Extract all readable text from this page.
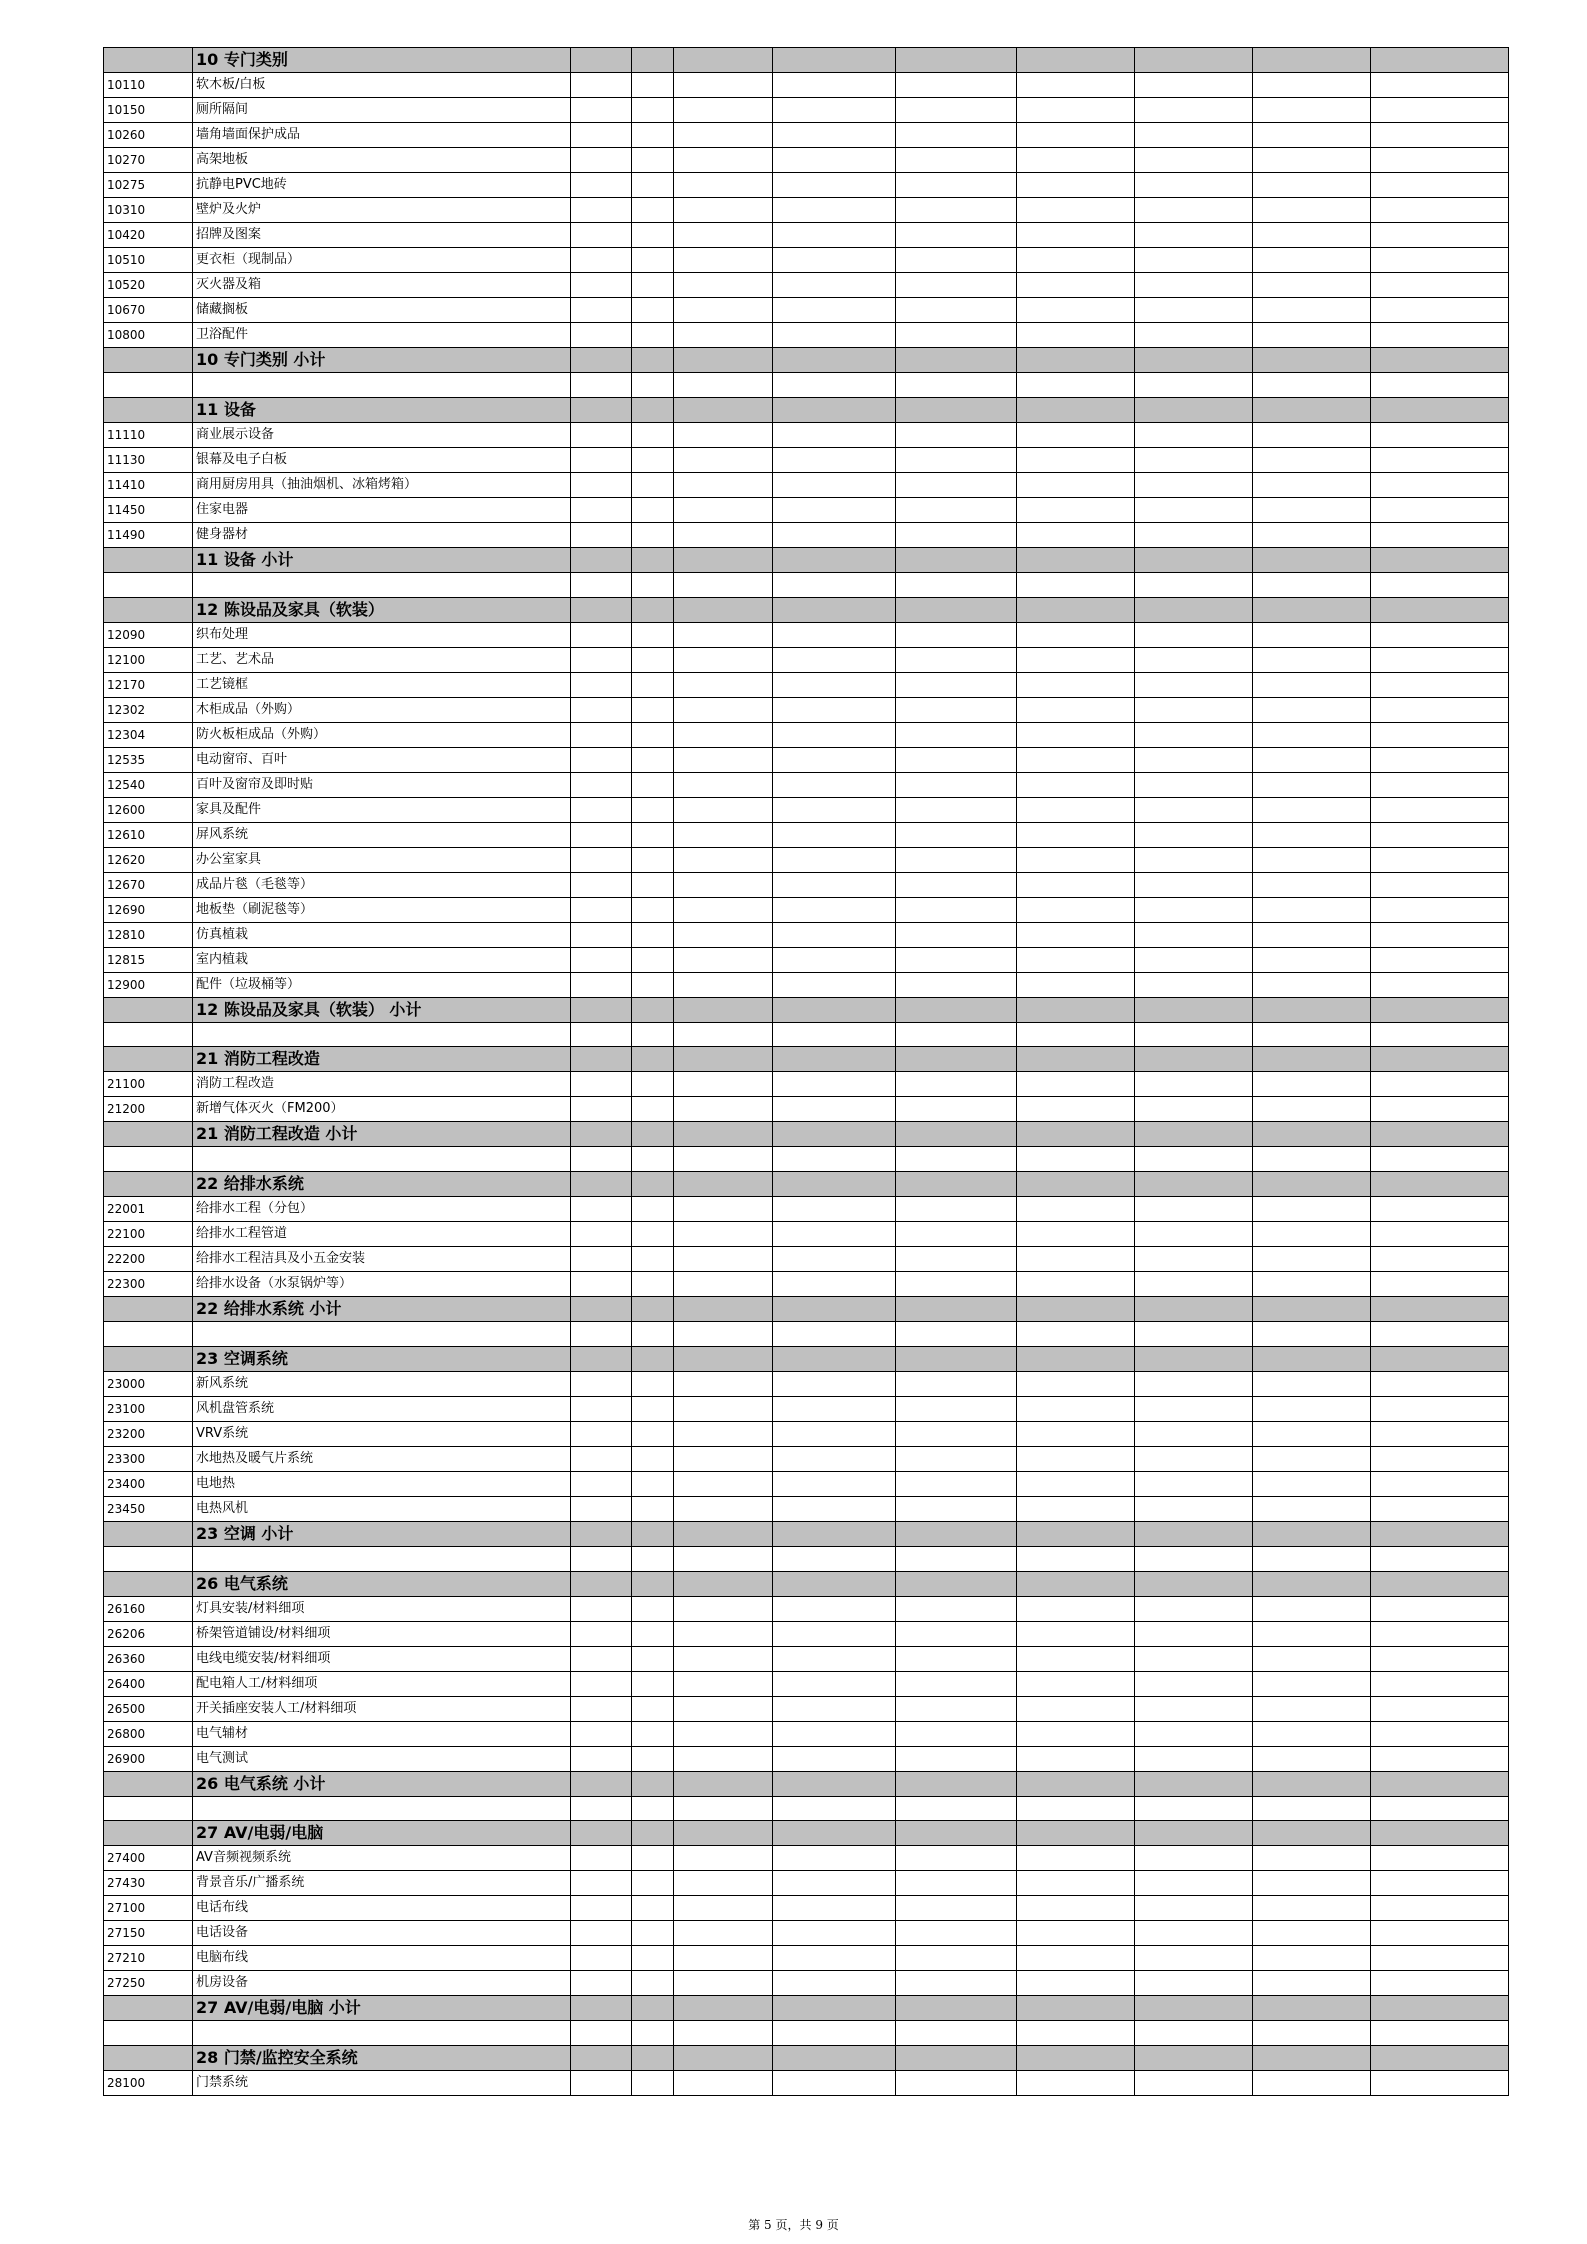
	10 专门类别									
10110	软木板/白板									
10150	厕所隔间									
10260	墙角墙面保护成品									
10270	高架地板									
10275	抗静电PVC地砖									
10310	壁炉及火炉									
10420	招牌及图案									
10510	更衣柜（现制品）									
10520	灭火器及箱									
10670	储藏搁板									
10800	卫浴配件									
	10 专门类别 小计									

	11 设备									
11110	商业展示设备									
11130	银幕及电子白板									
11410	商用厨房用具（抽油烟机、冰箱烤箱）									
11450	住家电器									
11490	健身器材									
	11 设备 小计									

	12 陈设品及家具（软装）									
12090	织布处理									
12100	工艺、艺术品									
12170	工艺镜框									
12302	木柜成品（外购）									
12304	防火板柜成品（外购）									
12535	电动窗帘、百叶									
12540	百叶及窗帘及即时贴									
12600	家具及配件									
12610	屏风系统									
12620	办公室家具									
12670	成品片毯（毛毯等）									
12690	地板垫（刷泥毯等）									
12810	仿真植栽									
12815	室内植栽									
12900	配件（垃圾桶等）									
	12 陈设品及家具（软装） 小计									

	21 消防工程改造									
21100	消防工程改造									
21200	新增气体灭火（FM200）									
	21 消防工程改造 小计									

	22 给排水系统									
22001	给排水工程（分包）									
22100	给排水工程管道									
22200	给排水工程洁具及小五金安装									
22300	给排水设备（水泵锅炉等）									
	22 给排水系统 小计									

	23 空调系统									
23000	新风系统									
23100	风机盘管系统									
23200	VRV系统									
23300	水地热及暖气片系统									
23400	电地热									
23450	电热风机									
	23 空调 小计									

	26 电气系统									
26160	灯具安装/材料细项									
26206	桥架管道铺设/材料细项									
26360	电线电缆安装/材料细项									
26400	配电箱人工/材料细项									
26500	开关插座安装人工/材料细项									
26800	电气辅材									
26900	电气测试									
	26 电气系统 小计									

	27 AV/电弱/电脑									
27400	AV音频视频系统									
27430	背景音乐/广播系统									
27100	电话布线									
27150	电话设备									
27210	电脑布线									
27250	机房设备									
	27 AV/电弱/电脑 小计									

	28 门禁/监控安全系统									
28100	门禁系统									
第 5 页，共 9 页
